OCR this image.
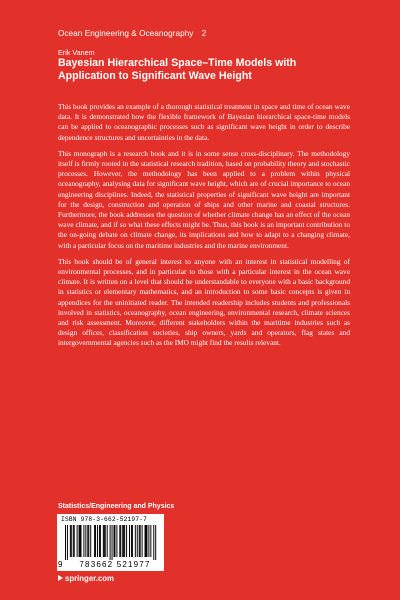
Ocean Engineering & Oceanography 2
Erik Vanem
Bayesian Hierarchical Space–Time Models with
Application to Significant Wave Height

This book provides an example of a thorough statistical treatment in space and time of ocean wave data. It is demonstrated how the flexible framework of Bayesian hierarchical space-time models can be applied to oceanographic processes such as significant wave height in order to describe dependence structures and uncertainties in the data.

This monograph is a research book and it is in some sense cross-disciplinary. The methodology itself is firmly rooted in the statistical research tradition, based on probability theory and stochastic processes. However, the methodology has been applied to a problem within physical oceanography, analysing data for significant wave height, which are of crucial importance to ocean engineering disciplines. Indeed, the statistical properties of significant wave height are important for the design, construction and operation of ships and other marine and coastal structures. Furthermore, the book addresses the question of whether climate change has an effect of the ocean wave climate, and if so what these effects might be. Thus, this book is an important contribution to the on-going debate on climate change, its implications and how to adapt to a changing climate, with a particular focus on the maritime industries and the marine environment.

This book should be of general interest to anyone with an interest in statistical modelling of environmental processes, and in particular to those with a particular interest in the ocean wave climate. It is written on a level that should be understandable to everyone with a basic background in statistics or elementary mathematics, and an introduction to some basic concepts is given in appendices for the uninitiated reader. The intended readership includes students and professionals involved in statistics, oceanography, ocean engineering, environmental research, climate sciences and risk assessment. Moreover, different stakeholders within the maritime industries such as design offices, classification societies, ship owners, yards and operators, flag states and intergovernmental agencies such as the IMO might find the results relevant.

Statistics/Engineering and Physics
ISBN 978-3-662-52197-7
9	783662 521977
springer.com
